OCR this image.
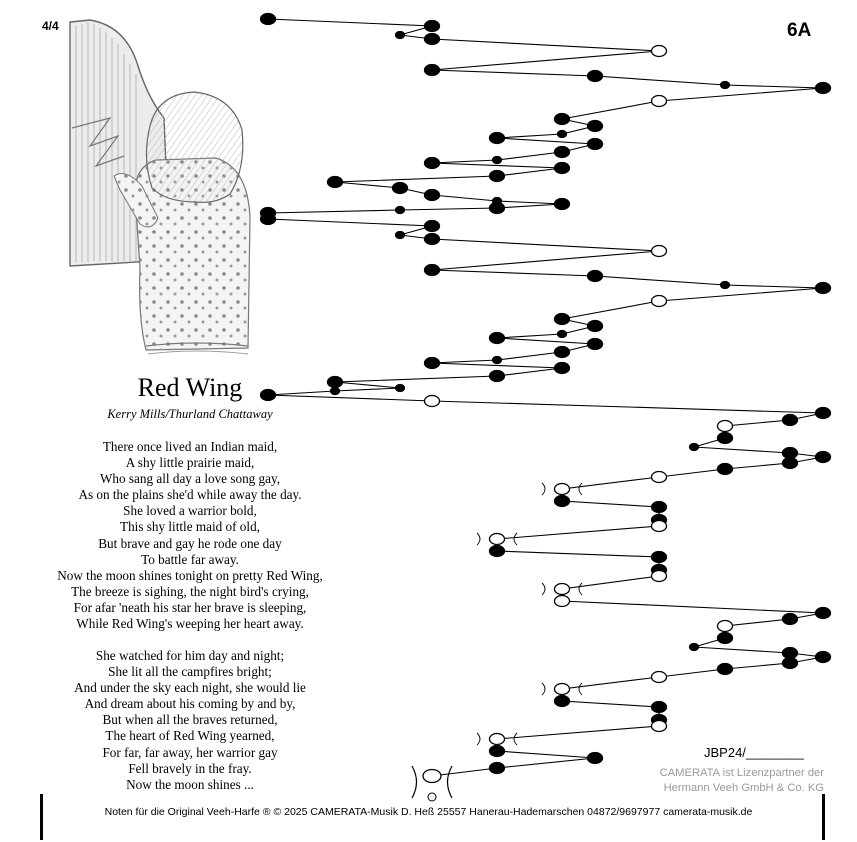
4/4	6A
Red Wing
Kerry Mills/Thurland Chattaway
There once lived an Indian maid,
A shy little prairie maid,
Who sang all day a love song gay,
As on the plains she'd while away the day.
She loved a warrior bold,
This shy little maid of old,
But brave and gay he rode one day
To battle far away.
Now the moon shines tonight on pretty Red Wing,
The breeze is sighing, the night bird's crying,
For afar 'neath his star her brave is sleeping,
While Red Wing's weeping her heart away.
She watched for him day and night;
She lit all the campfires bright;
And under the sky each night, she would lie
And dream about his coming by and by,
But when all the braves returned,
The heart of Red Wing yearned,
For far, far away, her warrior gay
Fell bravely in the fray.
Now the moon shines ...
JBP24/________
CAMERATA ist Lizenzpartner der
Hermann Veeh GmbH & Co. KG
Noten für die Original Veeh-Harfe ® © 2025 CAMERATA-Musik D. Heß 25557 Hanerau-Hademarschen 04872/9697977 camerata-musik.de
